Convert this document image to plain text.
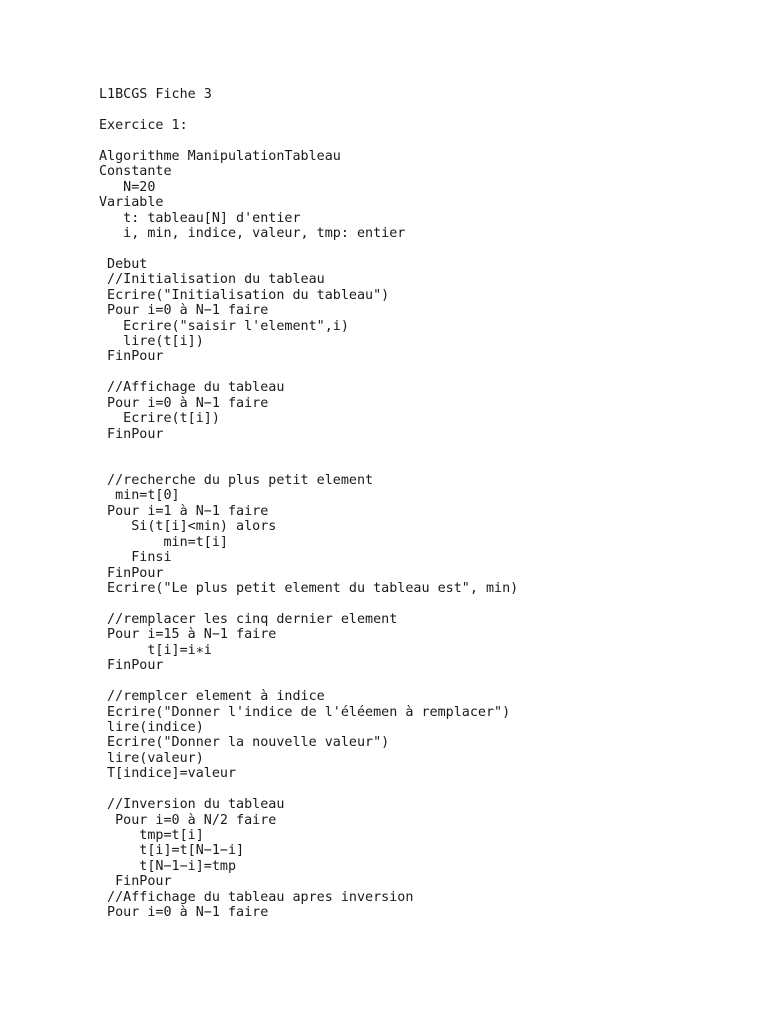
L1BCGS Fiche 3
Exercice 1:
Algorithme ManipulationTableau
Constante
N=20
Variable
t: tableau[N] d'entier
i, min, indice, valeur, tmp: entier
Debut
//Initialisation du tableau
Ecrire("Initialisation du tableau")
Pour i=0 à N−1 faire
Ecrire("saisir l'element",i)
lire(t[i])
FinPour
//Affichage du tableau
Pour i=0 à N−1 faire
Ecrire(t[i])
FinPour
//recherche du plus petit element
min=t[0]
Pour i=1 à N−1 faire
Si(t[i]<min) alors
min=t[i]
Finsi
FinPour
Ecrire("Le plus petit element du tableau est", min)
//remplacer les cinq dernier element
Pour i=15 à N−1 faire
t[i]=i∗i
FinPour
//remplcer element à indice
Ecrire("Donner l'indice de l'éléemen à remplacer")
lire(indice)
Ecrire("Donner la nouvelle valeur")
lire(valeur)
T[indice]=valeur
//Inversion du tableau
Pour i=0 à N/2 faire
tmp=t[i]
t[i]=t[N−1−i]
t[N−1−i]=tmp
FinPour
//Affichage du tableau apres inversion
Pour i=0 à N−1 faire
